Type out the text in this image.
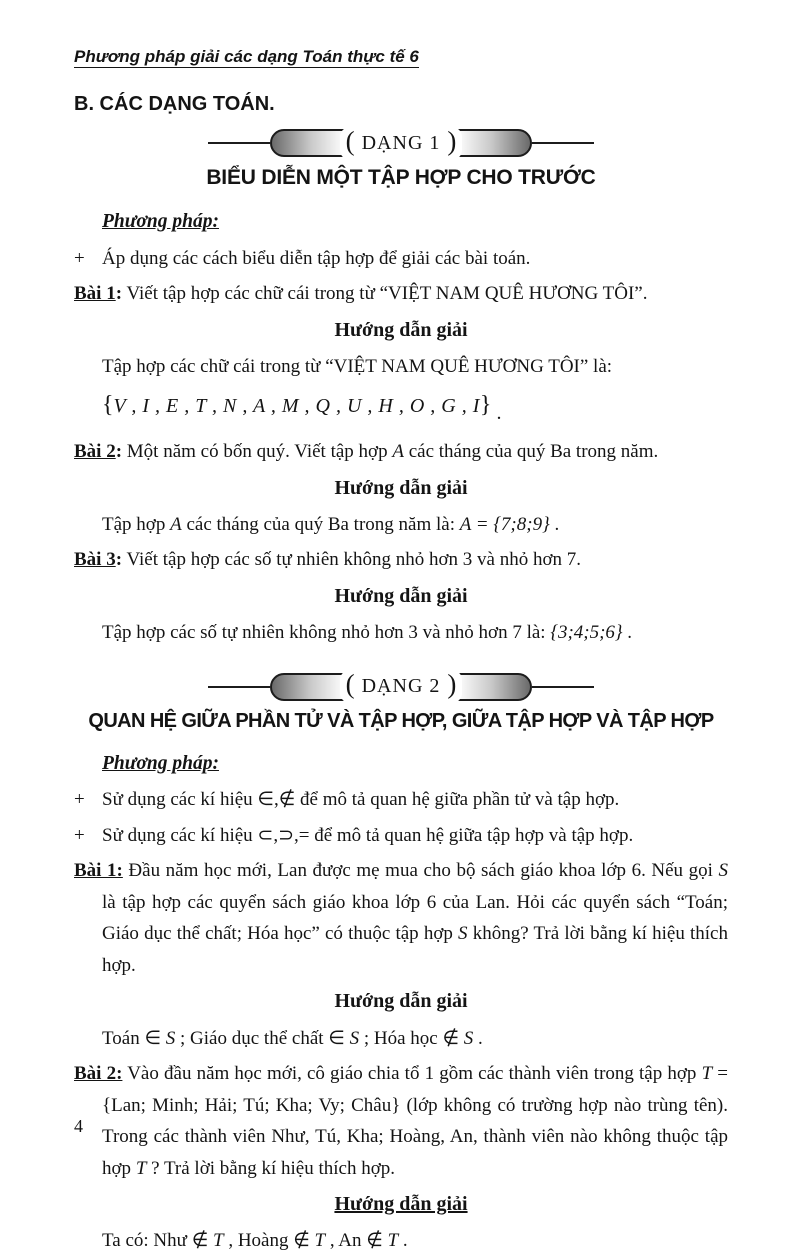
Phương pháp giải các dạng Toán thực tế 6
B. CÁC DẠNG TOÁN.
( DẠNG 1 )
BIỂU DIỄN MỘT TẬP HỢP CHO TRƯỚC
Phương pháp:
+ Áp dụng các cách biểu diễn tập hợp để giải các bài toán.
Bài 1: Viết tập hợp các chữ cái trong từ “VIỆT NAM QUÊ HƯƠNG TÔI”.
Hướng dẫn giải
Tập hợp các chữ cái trong từ “VIỆT NAM QUÊ HƯƠNG TÔI” là:
{V , I , E , T , N , A , M , Q , U , H , O , G , I} .
Bài 2: Một năm có bốn quý. Viết tập hợp A các tháng của quý Ba trong năm.
Hướng dẫn giải
Tập hợp A các tháng của quý Ba trong năm là: A = {7;8;9} .
Bài 3: Viết tập hợp các số tự nhiên không nhỏ hơn 3 và nhỏ hơn 7.
Hướng dẫn giải
Tập hợp các số tự nhiên không nhỏ hơn 3 và nhỏ hơn 7 là: {3;4;5;6} .
( DẠNG 2 )
QUAN HỆ GIỮA PHẦN TỬ VÀ TẬP HỢP, GIỮA TẬP HỢP VÀ TẬP HỢP
Phương pháp:
+ Sử dụng các kí hiệu ∈,∉ để mô tả quan hệ giữa phần tử và tập hợp.
+ Sử dụng các kí hiệu ⊂,⊃,= để mô tả quan hệ giữa tập hợp và tập hợp.
Bài 1: Đầu năm học mới, Lan được mẹ mua cho bộ sách giáo khoa lớp 6. Nếu gọi S là tập hợp các quyển sách giáo khoa lớp 6 của Lan. Hỏi các quyển sách “Toán; Giáo dục thể chất; Hóa học” có thuộc tập hợp S không? Trả lời bằng kí hiệu thích hợp.
Hướng dẫn giải
Toán ∈ S ; Giáo dục thể chất ∈ S ; Hóa học ∉ S .
Bài 2: Vào đầu năm học mới, cô giáo chia tổ 1 gồm các thành viên trong tập hợp T = {Lan; Minh; Hải; Tú; Kha; Vy; Châu} (lớp không có trường hợp nào trùng tên). Trong các thành viên Như, Tú, Kha; Hoàng, An, thành viên nào không thuộc tập hợp T ? Trả lời bằng kí hiệu thích hợp.
Hướng dẫn giải
Ta có: Như ∉ T , Hoàng ∉ T , An ∉ T .
4
